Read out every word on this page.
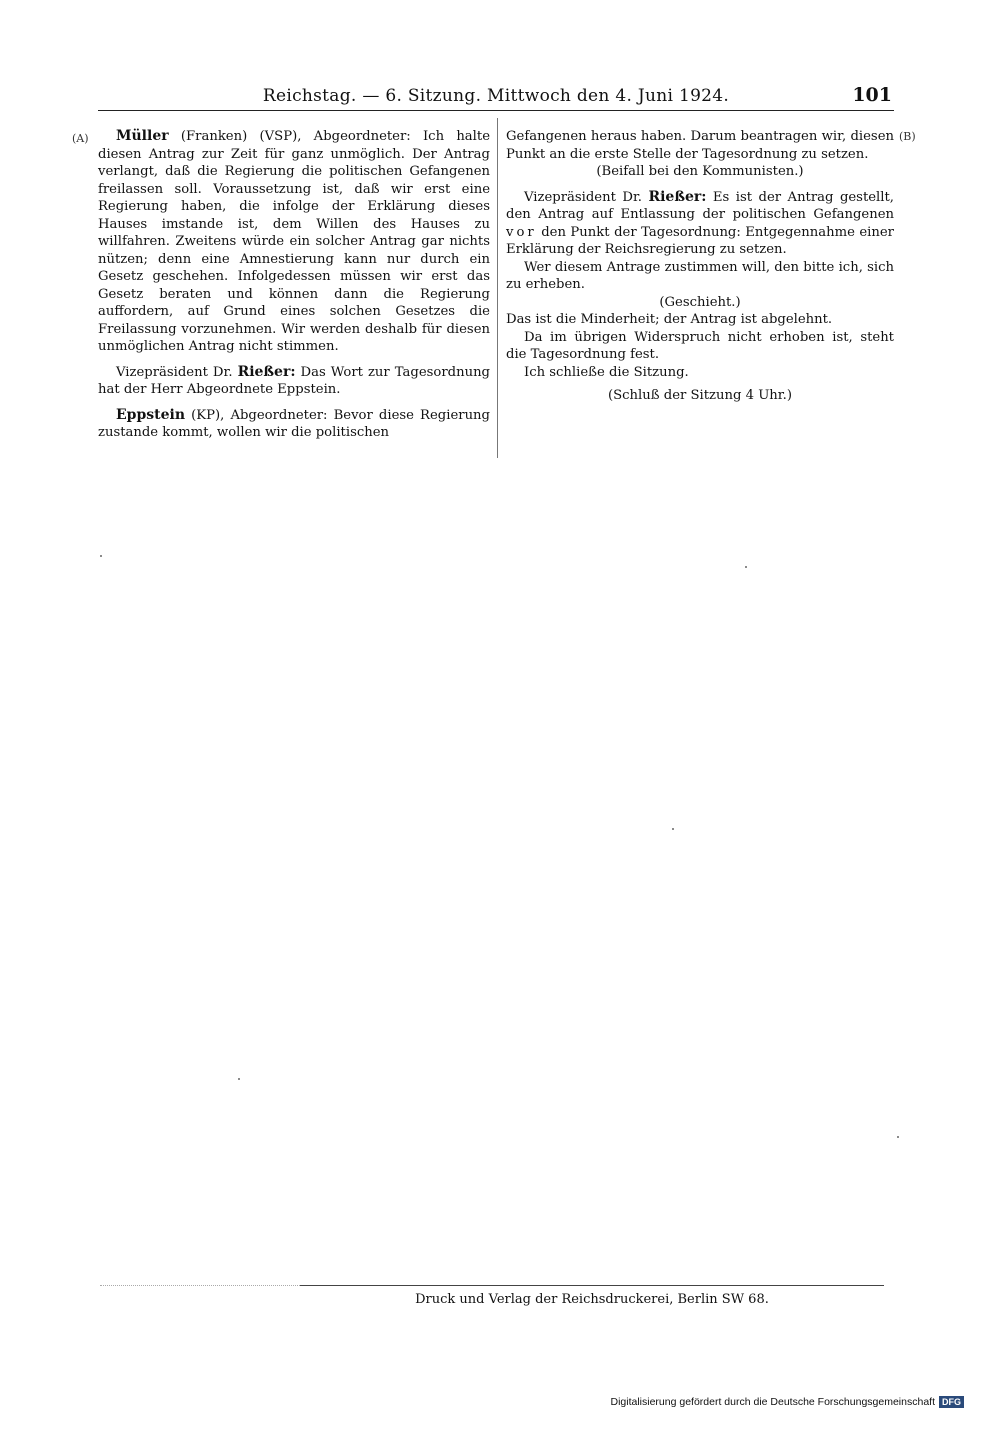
Reichstag. — 6. Sitzung. Mittwoch den 4. Juni 1924.	101
(A)	(B)

Müller (Franken) (VSP), Abgeordneter: Ich halte diesen Antrag zur Zeit für ganz unmöglich. Der Antrag verlangt, daß die Regierung die politischen Gefangenen freilassen soll. Voraussetzung ist, daß wir erst eine Regierung haben, die infolge der Erklärung dieses Hauses imstande ist, dem Willen des Hauses zu willfahren. Zweitens würde ein solcher Antrag gar nichts nützen; denn eine Amnestierung kann nur durch ein Gesetz geschehen. Infolgedessen müssen wir erst das Gesetz beraten und können dann die Regierung auffordern, auf Grund eines solchen Gesetzes die Freilassung vorzunehmen. Wir werden deshalb für diesen unmöglichen Antrag nicht stimmen.

Vizepräsident Dr. Rießer: Das Wort zur Tagesordnung hat der Herr Abgeordnete Eppstein.

Eppstein (KP), Abgeordneter: Bevor diese Regierung zustande kommt, wollen wir die politischen

Gefangenen heraus haben. Darum beantragen wir, diesen Punkt an die erste Stelle der Tagesordnung zu setzen.

(Beifall bei den Kommunisten.)

Vizepräsident Dr. Rießer: Es ist der Antrag gestellt, den Antrag auf Entlassung der politischen Gefangenen vor den Punkt der Tagesordnung: Entgegennahme einer Erklärung der Reichsregierung zu setzen.

Wer diesem Antrage zustimmen will, den bitte ich, sich zu erheben.

(Geschieht.)

Das ist die Minderheit; der Antrag ist abgelehnt.

Da im übrigen Widerspruch nicht erhoben ist, steht die Tagesordnung fest.

Ich schließe die Sitzung.

(Schluß der Sitzung 4 Uhr.)

Druck und Verlag der Reichsdruckerei, Berlin SW 68.
Digitalisierung gefördert durch die Deutsche Forschungsgemeinschaft DFG
